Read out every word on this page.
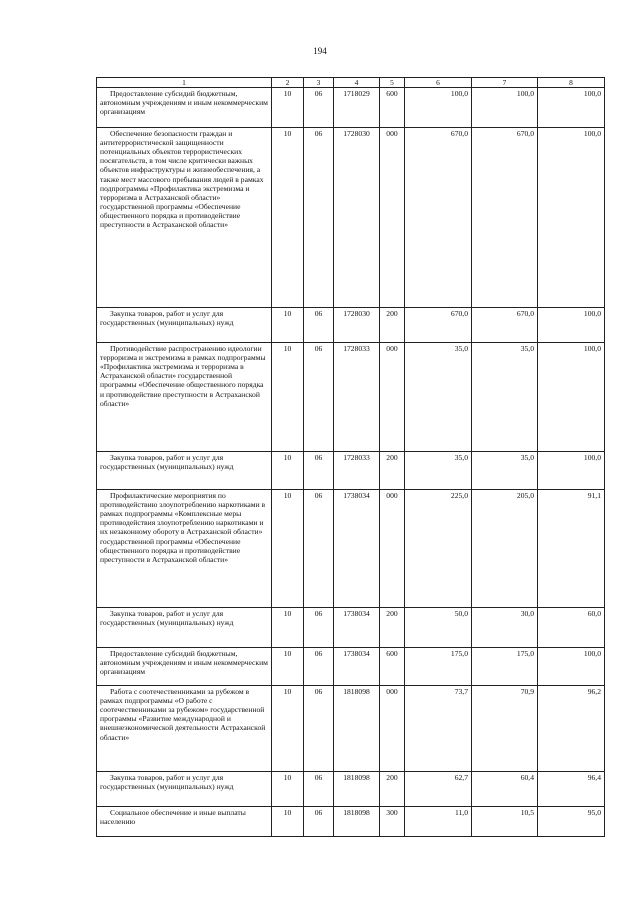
194
1	2	3	4	5	6	7	8
Предоставление субсидий бюджетным, автономным учреждениям и иным некоммерческим организациям	10	06	1718029	600	100,0	100,0	100,0
Обеспечение безопасности граждан и антитеррористической защищенности потенциальных объектов террористических посягательств, в том числе критически важных объектов инфраструктуры и жизнеобеспечения, а также мест массового пребывания людей в рамках подпрограммы «Профилактика экстремизма и терроризма в Астраханской области» государственной программы «Обеспечение общественного порядка и противодействие преступности в Астраханской области»	10	06	1728030	000	670,0	670,0	100,0
Закупка товаров, работ и услуг для государственных (муниципальных) нужд	10	06	1728030	200	670,0	670,0	100,0
Противодействие распространению идеологии терроризма и экстремизма в рамках подпрограммы «Профилактика экстремизма и терроризма в Астраханской области» государственной программы «Обеспечение общественного порядка и противодействие преступности в Астраханской области»	10	06	1728033	000	35,0	35,0	100,0
Закупка товаров, работ и услуг для государственных (муниципальных) нужд	10	06	1728033	200	35,0	35,0	100,0
Профилактические мероприятия по противодействию злоупотреблению наркотиками в рамках подпрограммы «Комплексные меры противодействия злоупотреблению наркотиками и их незаконному обороту в Астраханской области» государственной программы «Обеспечение общественного порядка и противодействие преступности в Астраханской области»	10	06	1738034	000	225,0	205,0	91,1
Закупка товаров, работ и услуг для государственных (муниципальных) нужд	10	06	1738034	200	50,0	30,0	60,0
Предоставление субсидий бюджетным, автономным учреждениям и иным некоммерческим организациям	10	06	1738034	600	175,0	175,0	100,0
Работа с соотечественниками за рубежом в рамках подпрограммы «О работе с соотечественниками за рубежом» государственной программы «Развитие международной и внешнеэкономической деятельности Астраханской области»	10	06	1818098	000	73,7	70,9	96,2
Закупка товаров, работ и услуг для государственных (муниципальных) нужд	10	06	1818098	200	62,7	60,4	96,4
Социальное обеспечение и иные выплаты населению	10	06	1818098	300	11,0	10,5	95,0
